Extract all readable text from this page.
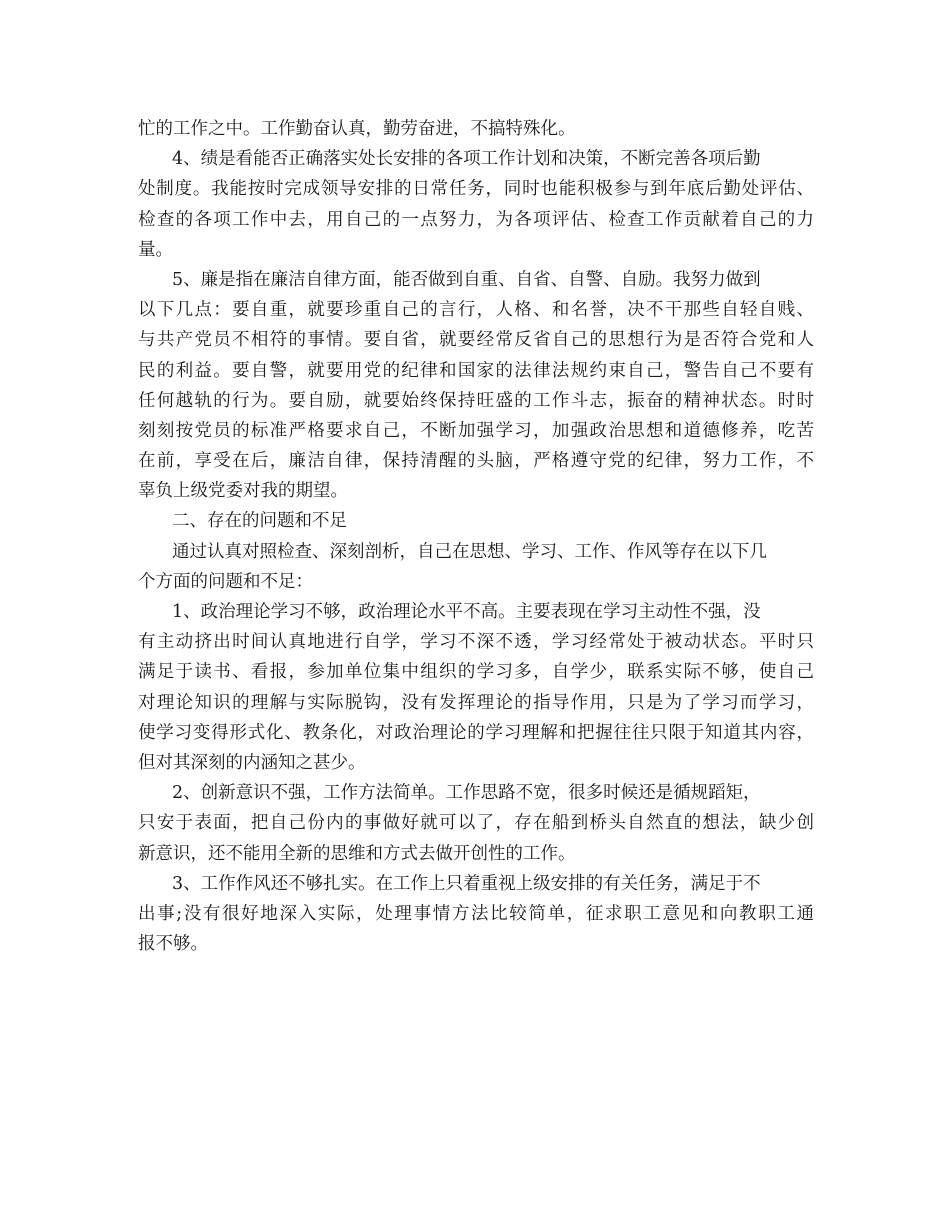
忙的工作之中。工作勤奋认真，勤劳奋进，不搞特殊化。
4、绩是看能否正确落实处长安排的各项工作计划和决策，不断完善各项后勤
处制度。我能按时完成领导安排的日常任务，同时也能积极参与到年底后勤处评估、
检查的各项工作中去，用自己的一点努力，为各项评估、检查工作贡献着自己的力
量。
5、廉是指在廉洁自律方面，能否做到自重、自省、自警、自励。我努力做到
以下几点：要自重，就要珍重自己的言行，人格、和名誉，决不干那些自轻自贱、
与共产党员不相符的事情。要自省，就要经常反省自己的思想行为是否符合党和人
民的利益。要自警，就要用党的纪律和国家的法律法规约束自己，警告自己不要有
任何越轨的行为。要自励，就要始终保持旺盛的工作斗志，振奋的精神状态。时时
刻刻按党员的标准严格要求自己，不断加强学习，加强政治思想和道德修养，吃苦
在前，享受在后，廉洁自律，保持清醒的头脑，严格遵守党的纪律，努力工作，不
辜负上级党委对我的期望。
二、存在的问题和不足
通过认真对照检查、深刻剖析，自己在思想、学习、工作、作风等存在以下几
个方面的问题和不足：
1、政治理论学习不够，政治理论水平不高。主要表现在学习主动性不强，没
有主动挤出时间认真地进行自学，学习不深不透，学习经常处于被动状态。平时只
满足于读书、看报，参加单位集中组织的学习多，自学少，联系实际不够，使自己
对理论知识的理解与实际脱钩，没有发挥理论的指导作用，只是为了学习而学习，
使学习变得形式化、教条化，对政治理论的学习理解和把握往往只限于知道其内容，
但对其深刻的内涵知之甚少。
2、创新意识不强，工作方法简单。工作思路不宽，很多时候还是循规蹈矩，
只安于表面，把自己份内的事做好就可以了，存在船到桥头自然直的想法，缺少创
新意识，还不能用全新的思维和方式去做开创性的工作。
3、工作作风还不够扎实。在工作上只着重视上级安排的有关任务，满足于不
出事;没有很好地深入实际，处理事情方法比较简单，征求职工意见和向教职工通
报不够。
